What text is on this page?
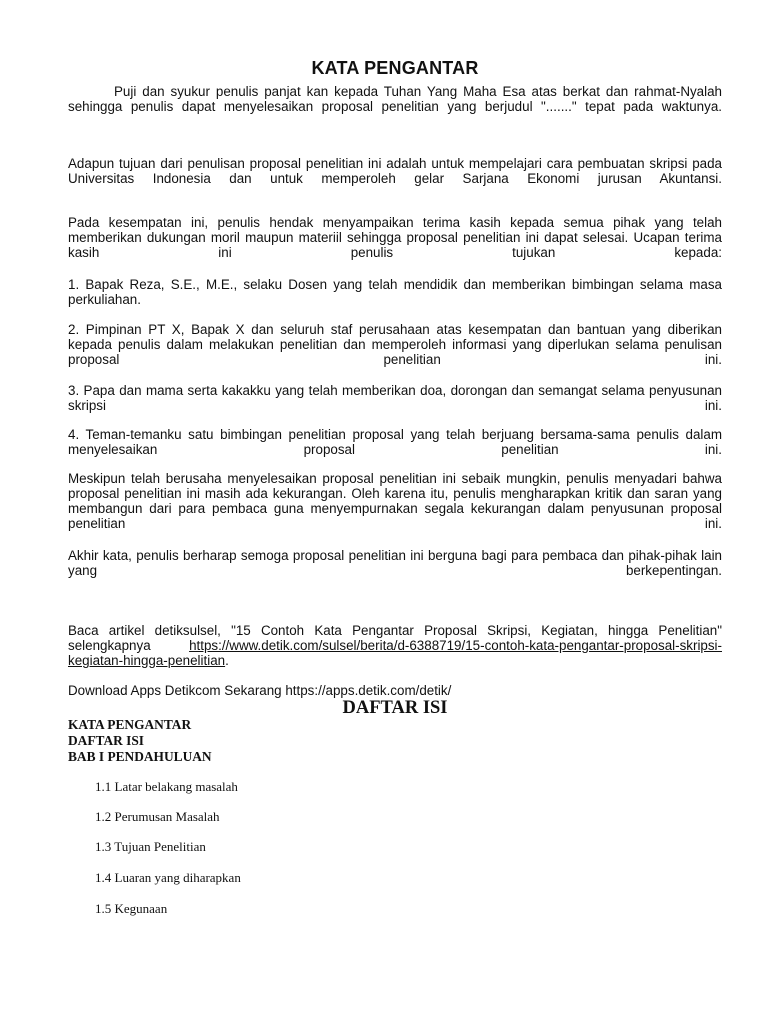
KATA PENGANTAR

Puji dan syukur penulis panjat kan kepada Tuhan Yang Maha Esa atas berkat dan rahmat-Nyalah sehingga penulis dapat menyelesaikan proposal penelitian yang berjudul "......." tepat pada waktunya.

Adapun tujuan dari penulisan proposal penelitian ini adalah untuk mempelajari cara pembuatan skripsi pada Universitas Indonesia dan untuk memperoleh gelar Sarjana Ekonomi jurusan Akuntansi.

Pada kesempatan ini, penulis hendak menyampaikan terima kasih kepada semua pihak yang telah memberikan dukungan moril maupun materiil sehingga proposal penelitian ini dapat selesai. Ucapan terima kasih ini penulis tujukan kepada:

1. Bapak Reza, S.E., M.E., selaku Dosen yang telah mendidik dan memberikan bimbingan selama masa perkuliahan.

2. Pimpinan PT X, Bapak X dan seluruh staf perusahaan atas kesempatan dan bantuan yang diberikan kepada penulis dalam melakukan penelitian dan memperoleh informasi yang diperlukan selama penulisan proposal penelitian ini.

3. Papa dan mama serta kakakku yang telah memberikan doa, dorongan dan semangat selama penyusunan skripsi ini.

4. Teman-temanku satu bimbingan penelitian proposal yang telah berjuang bersama-sama penulis dalam menyelesaikan proposal penelitian ini.

Meskipun telah berusaha menyelesaikan proposal penelitian ini sebaik mungkin, penulis menyadari bahwa proposal penelitian ini masih ada kekurangan. Oleh karena itu, penulis mengharapkan kritik dan saran yang membangun dari para pembaca guna menyempurnakan segala kekurangan dalam penyusunan proposal penelitian ini.

Akhir kata, penulis berharap semoga proposal penelitian ini berguna bagi para pembaca dan pihak-pihak lain yang berkepentingan.

Baca artikel detiksulsel, "15 Contoh Kata Pengantar Proposal Skripsi, Kegiatan, hingga Penelitian" selengkapnya	https://www.detik.com/sulsel/berita/d-6388719/15-contoh-kata-pengantar-proposal-skripsi-kegiatan-hingga-penelitian.

Download Apps Detikcom Sekarang https://apps.detik.com/detik/

DAFTAR ISI
KATA PENGANTAR
DAFTAR ISI
BAB I PENDAHULUAN
1.1 Latar belakang masalah
1.2 Perumusan Masalah
1.3 Tujuan Penelitian
1.4 Luaran yang diharapkan
1.5 Kegunaan
